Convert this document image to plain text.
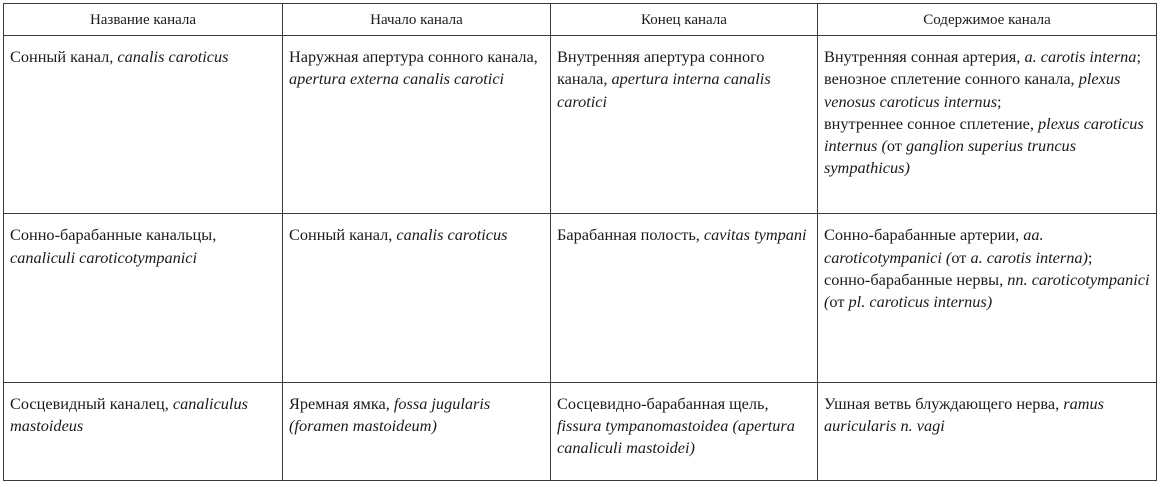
Название канала	Начало канала	Конец канала	Содержимое канала
Сонный канал, canalis caroticus	Наружная апертура сонного канала, apertura externa canalis carotici	Внутренняя апертура сонного канала, apertura interna canalis carotici	Внутренняя сонная артерия, a. carotis interna;
венозное сплетение сонного канала, plexus venosus caroticus internus;
внутреннее сонное сплетение, plexus caroticus internus (от ganglion superius truncus sympathicus)
Сонно-барабанные канальцы, canaliculi caroticotympanici	Сонный канал, canalis caroticus	Барабанная полость, cavitas tympani	Сонно-барабанные артерии, aa. caroticotympanici (от a. carotis interna);
сонно-барабанные нервы, nn. caroticotympanici (от pl. caroticus internus)
Сосцевидный каналец, canaliculus mastoideus	Яремная ямка, fossa jugularis (foramen mastoideum)	Сосцевидно-барабанная щель, fissura tympanomastoidea (apertura canaliculi mastoidei)	Ушная ветвь блуждающего нерва, ramus auricularis n. vagi
